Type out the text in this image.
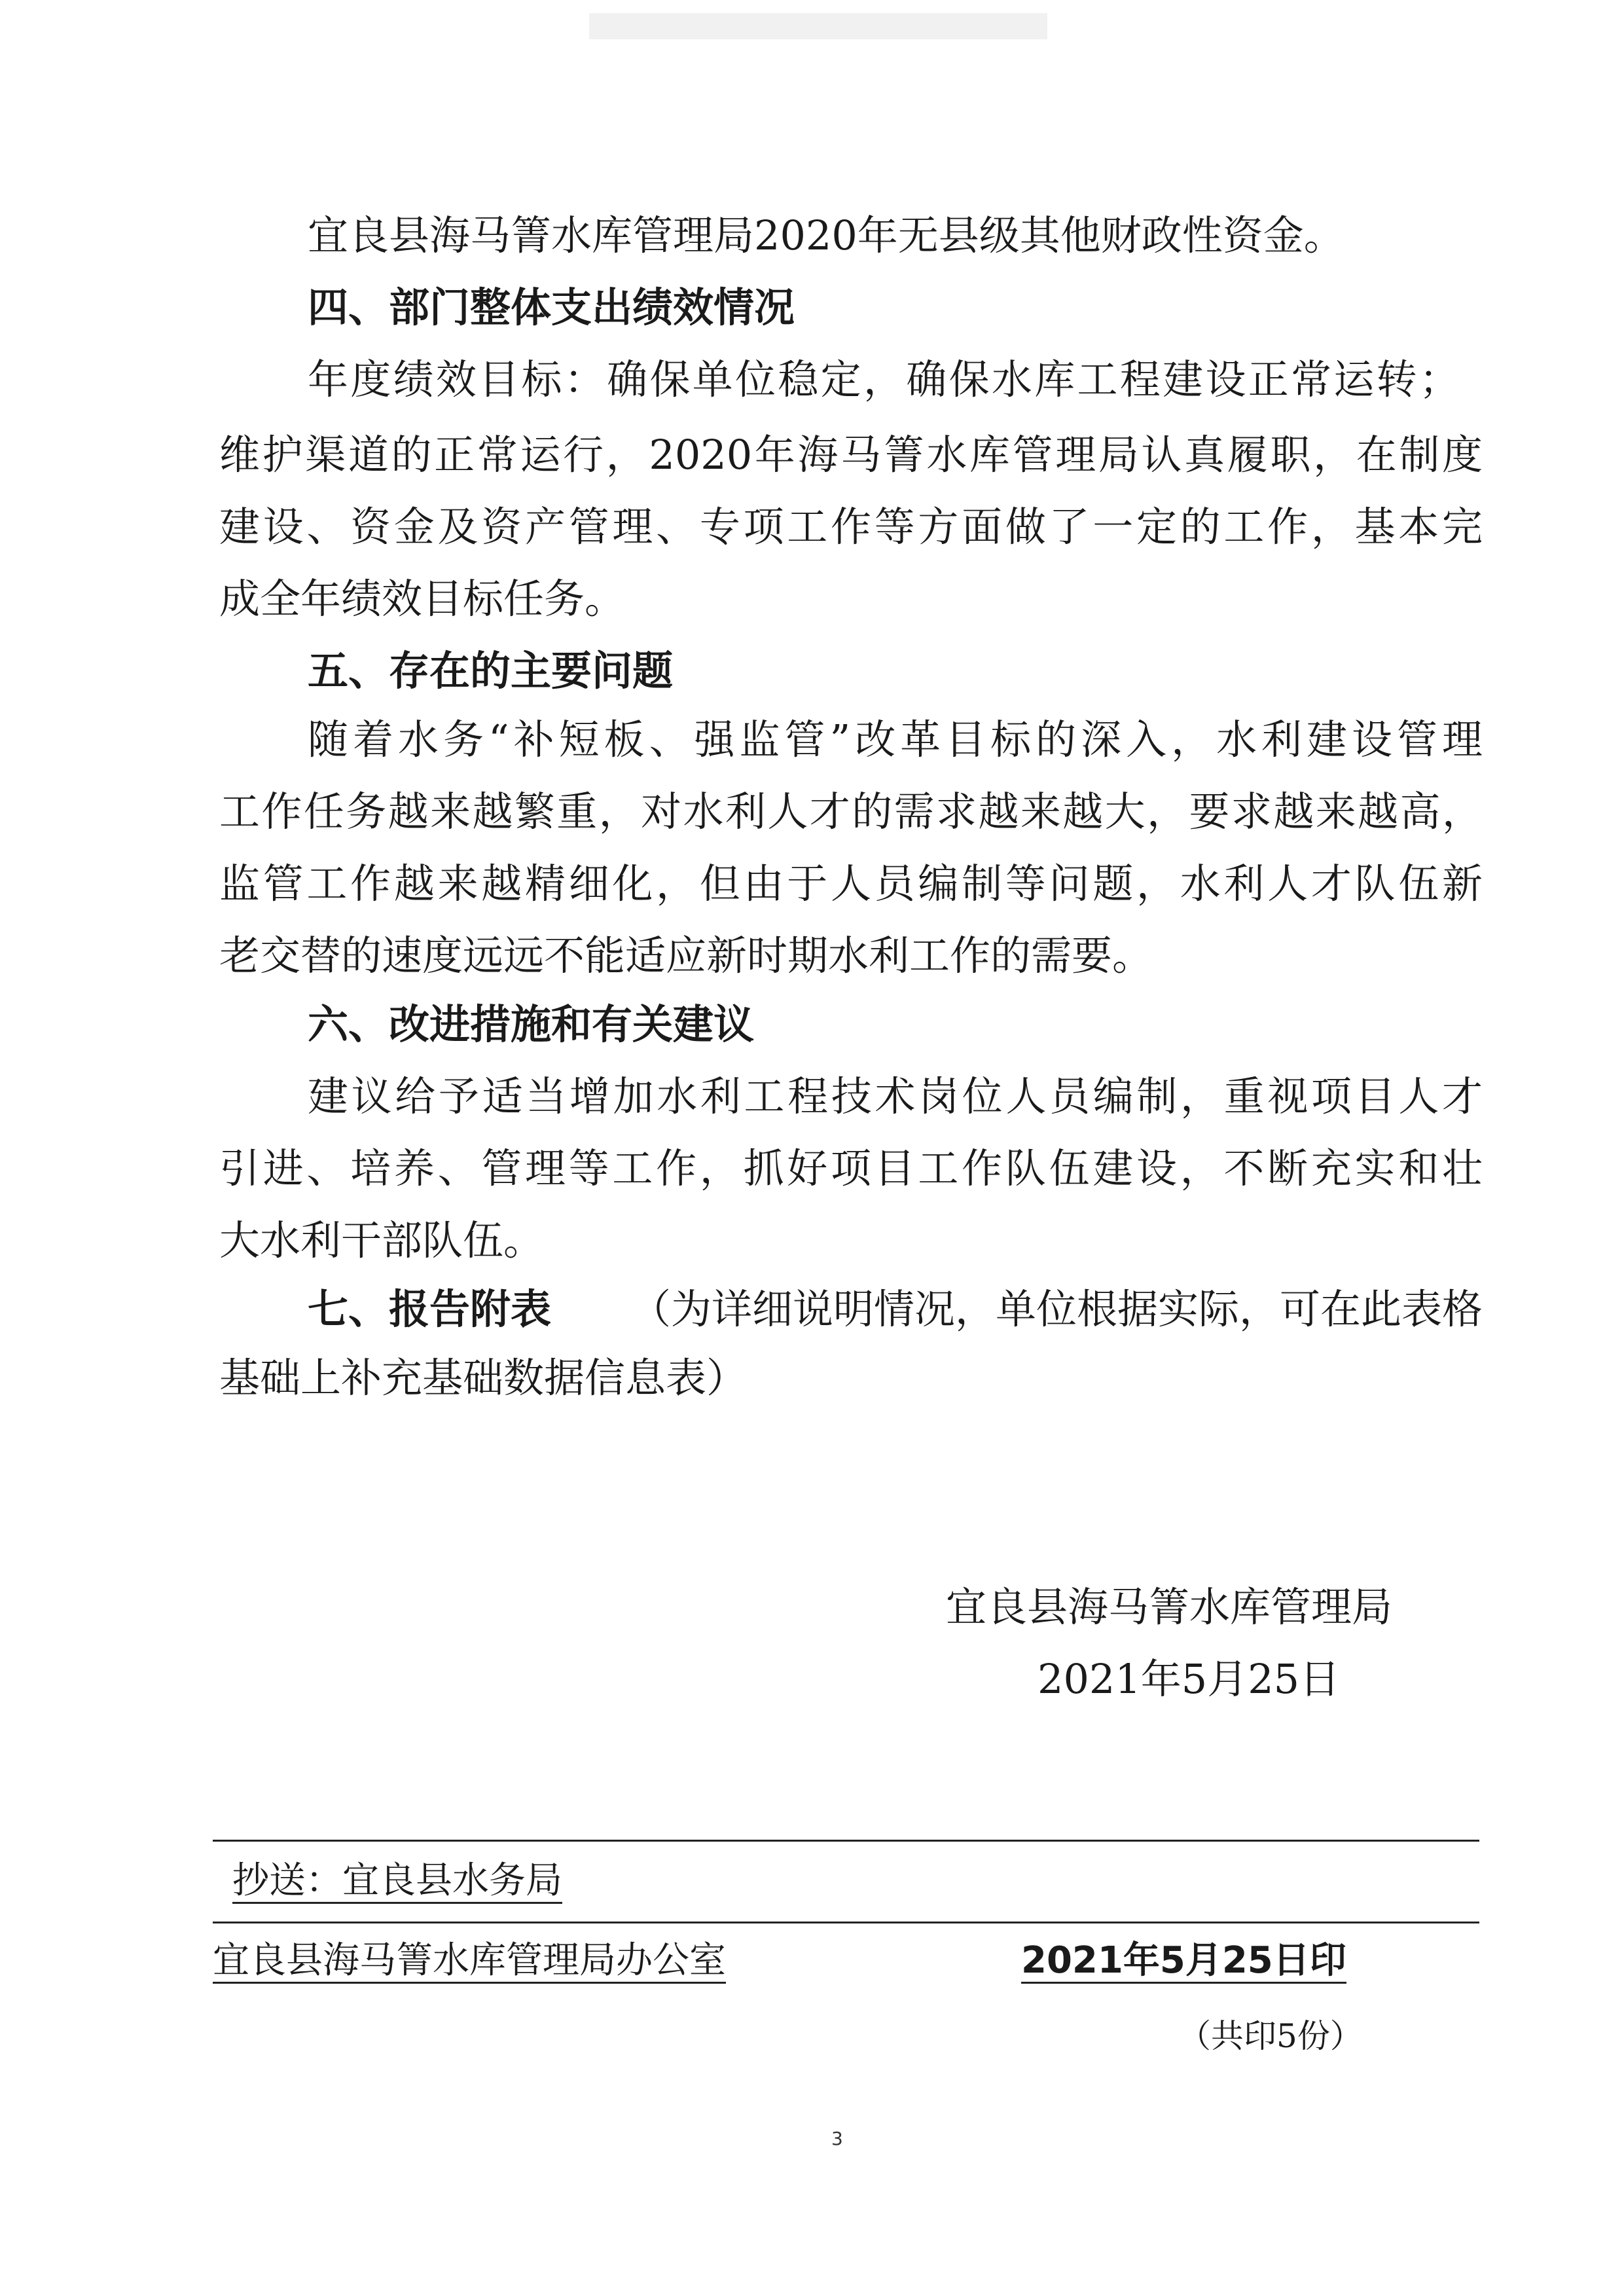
宜良县海马箐水库管理局2020年无县级其他财政性资金。
四、部门整体支出绩效情况
年度绩效目标：确保单位稳定，确保水库工程建设正常运转；
维护渠道的正常运行，2020年海马箐水库管理局认真履职，在制度
建设、资金及资产管理、专项工作等方面做了一定的工作，基本完
成全年绩效目标任务。
五、存在的主要问题
随着水务“补短板、强监管”改革目标的深入，水利建设管理
工作任务越来越繁重，对水利人才的需求越来越大，要求越来越高，
监管工作越来越精细化，但由于人员编制等问题，水利人才队伍新
老交替的速度远远不能适应新时期水利工作的需要。
六、改进措施和有关建议
建议给予适当增加水利工程技术岗位人员编制，重视项目人才
引进、培养、管理等工作，抓好项目工作队伍建设，不断充实和壮
大水利干部队伍。
七、报告附表 （为详细说明情况，单位根据实际，可在此表格
基础上补充基础数据信息表）
宜良县海马箐水库管理局
2021年5月25日
抄送：宜良县水务局
宜良县海马箐水库管理局办公室	2021年5月25日印
（共印5份）
3
